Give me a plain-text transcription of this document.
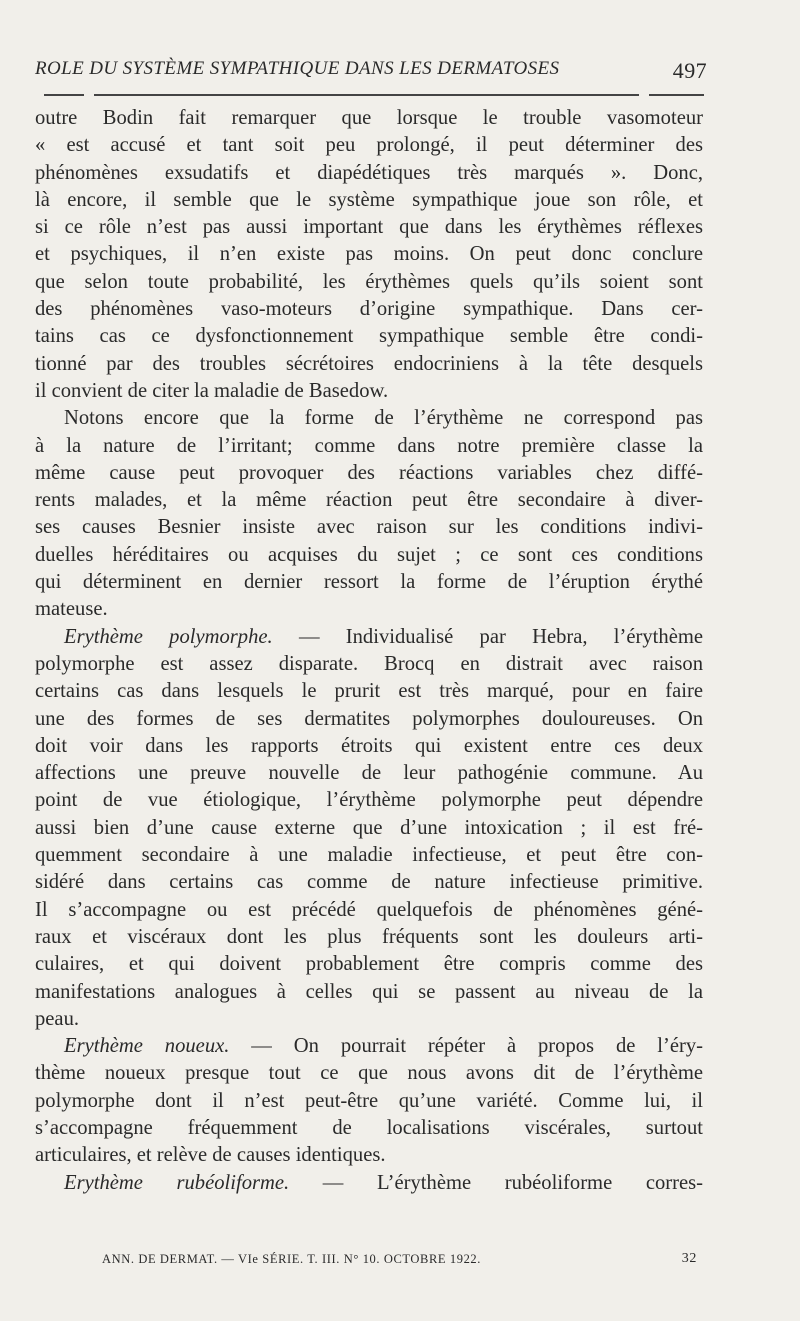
ROLE DU SYSTÈME SYMPATHIQUE DANS LES DERMATOSES	497
outre Bodin fait remarquer que lorsque le trouble vasomoteur
« est accusé et tant soit peu prolongé, il peut déterminer des
phénomènes exsudatifs et diapédétiques très marqués ». Donc,
là encore, il semble que le système sympathique joue son rôle, et
si ce rôle n’est pas aussi important que dans les érythèmes réflexes
et psychiques, il n’en existe pas moins. On peut donc conclure
que selon toute probabilité, les érythèmes quels qu’ils soient sont
des phénomènes vaso-moteurs d’origine sympathique. Dans cer-
tains cas ce dysfonctionnement sympathique semble être condi-
tionné par des troubles sécrétoires endocriniens à la tête desquels
il convient de citer la maladie de Basedow.
Notons encore que la forme de l’érythème ne correspond pas
à la nature de l’irritant; comme dans notre première classe la
même cause peut provoquer des réactions variables chez diffé-
rents malades, et la même réaction peut être secondaire à diver-
ses causes Besnier insiste avec raison sur les conditions indivi-
duelles héréditaires ou acquises du sujet ; ce sont ces conditions
qui déterminent en dernier ressort la forme de l’éruption érythé
mateuse.
Erythème polymorphe. — Individualisé par Hebra, l’érythème
polymorphe est assez disparate. Brocq en distrait avec raison
certains cas dans lesquels le prurit est très marqué, pour en faire
une des formes de ses dermatites polymorphes douloureuses. On
doit voir dans les rapports étroits qui existent entre ces deux
affections une preuve nouvelle de leur pathogénie commune. Au
point de vue étiologique, l’érythème polymorphe peut dépendre
aussi bien d’une cause externe que d’une intoxication ; il est fré-
quemment secondaire à une maladie infectieuse, et peut être con-
sidéré dans certains cas comme de nature infectieuse primitive.
Il s’accompagne ou est précédé quelquefois de phénomènes géné-
raux et viscéraux dont les plus fréquents sont les douleurs arti-
culaires, et qui doivent probablement être compris comme des
manifestations analogues à celles qui se passent au niveau de la
peau.
Erythème noueux. — On pourrait répéter à propos de l’éry-
thème noueux presque tout ce que nous avons dit de l’érythème
polymorphe dont il n’est peut-être qu’une variété. Comme lui, il
s’accompagne fréquemment de localisations viscérales, surtout
articulaires, et relève de causes identiques.
Erythème rubéoliforme. — L’érythème rubéoliforme corres-
ANN. DE DERMAT. — VIe SÉRIE. T. III. N° 10. OCTOBRE 1922.	32
